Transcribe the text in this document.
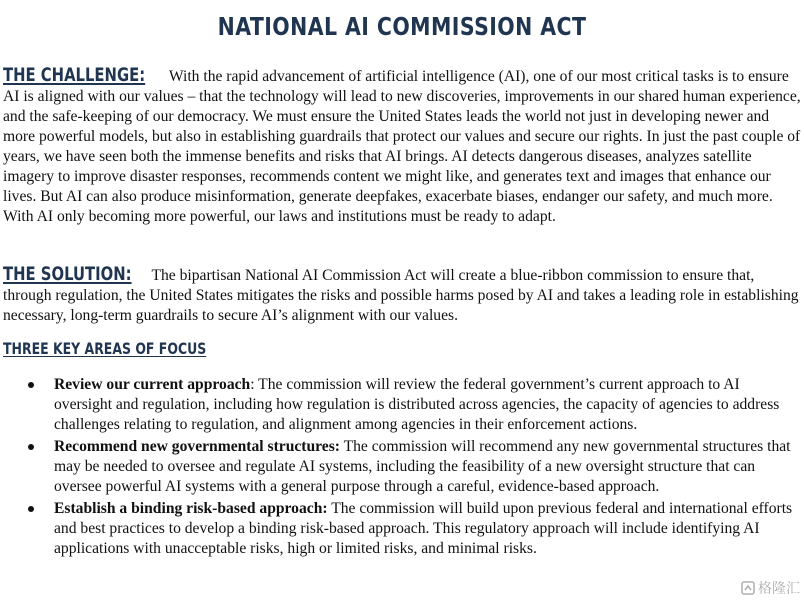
NATIONAL AI COMMISSION ACT

THE CHALLENGE: With the rapid advancement of artificial intelligence (AI), one of our most critical tasks is to ensure AI is aligned with our values – that the technology will lead to new discoveries, improvements in our shared human experience, and the safe-keeping of our democracy. We must ensure the United States leads the world not just in developing newer and more powerful models, but also in establishing guardrails that protect our values and secure our rights. In just the past couple of years, we have seen both the immense benefits and risks that AI brings. AI detects dangerous diseases, analyzes satellite imagery to improve disaster responses, recommends content we might like, and generates text and images that enhance our lives. But AI can also produce misinformation, generate deepfakes, exacerbate biases, endanger our safety, and much more. With AI only becoming more powerful, our laws and institutions must be ready to adapt.

THE SOLUTION: The bipartisan National AI Commission Act will create a blue-ribbon commission to ensure that, through regulation, the United States mitigates the risks and possible harms posed by AI and takes a leading role in establishing necessary, long-term guardrails to secure AI’s alignment with our values.

THREE KEY AREAS OF FOCUS
Review our current approach: The commission will review the federal government’s current approach to AI oversight and regulation, including how regulation is distributed across agencies, the capacity of agencies to address challenges relating to regulation, and alignment among agencies in their enforcement actions.
Recommend new governmental structures: The commission will recommend any new governmental structures that may be needed to oversee and regulate AI systems, including the feasibility of a new oversight structure that can oversee powerful AI systems with a general purpose through a careful, evidence-based approach.
Establish a binding risk-based approach: The commission will build upon previous federal and international efforts and best practices to develop a binding risk-based approach. This regulatory approach will include identifying AI applications with unacceptable risks, high or limited risks, and minimal risks.
格隆汇
